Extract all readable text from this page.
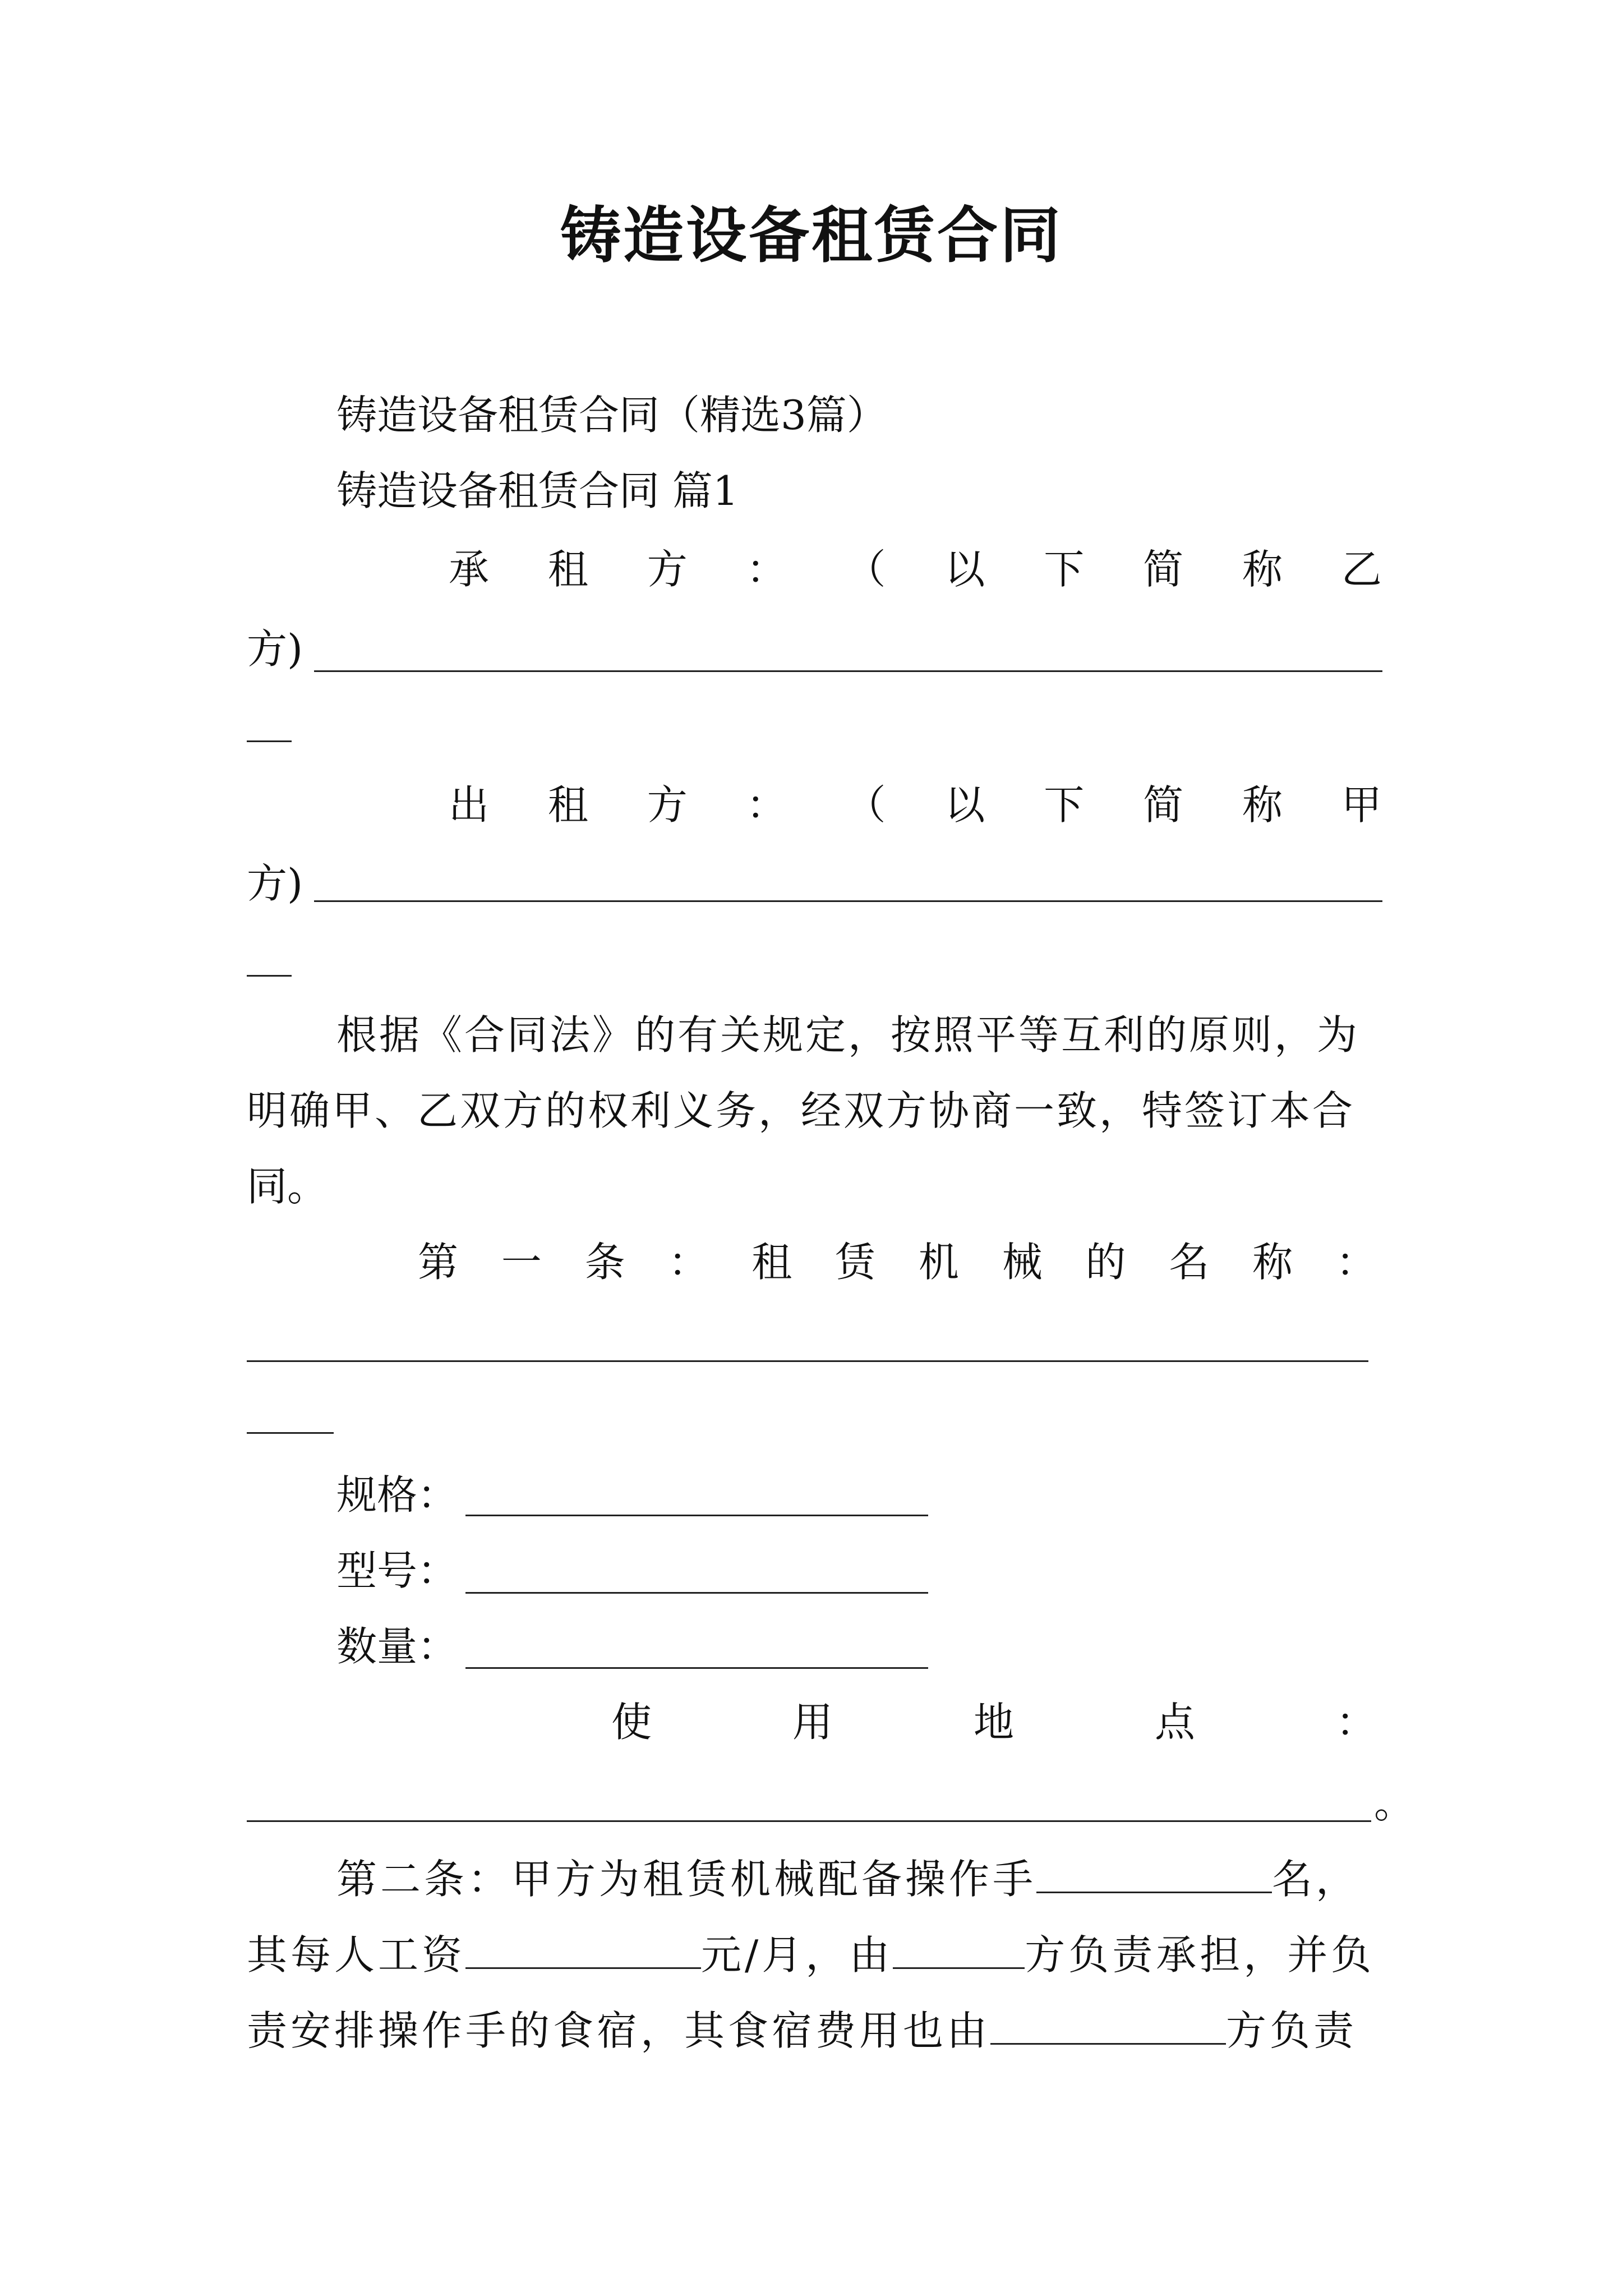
铸造设备租赁合同
铸造设备租赁合同（精选3篇）
铸造设备租赁合同 篇1
承 租 方 ： （ 以 下 简 称 乙
方)
出 租 方 ： （ 以 下 简 称 甲
方)
根据《合同法》的有关规定，按照平等互利的原则，为
明确甲、乙双方的权利义务，经双方协商一致，特签订本合
同。
第 一 条 ： 租 赁 机 械 的 名 称 ：
规格：
型号：
数量：
使	用	地	点	：
。
第二条：甲方为租赁机械配备操作手	名，
其每人工资	元/月，由	方负责承担，并负
责安排操作手的食宿，其食宿费用也由	方负责
